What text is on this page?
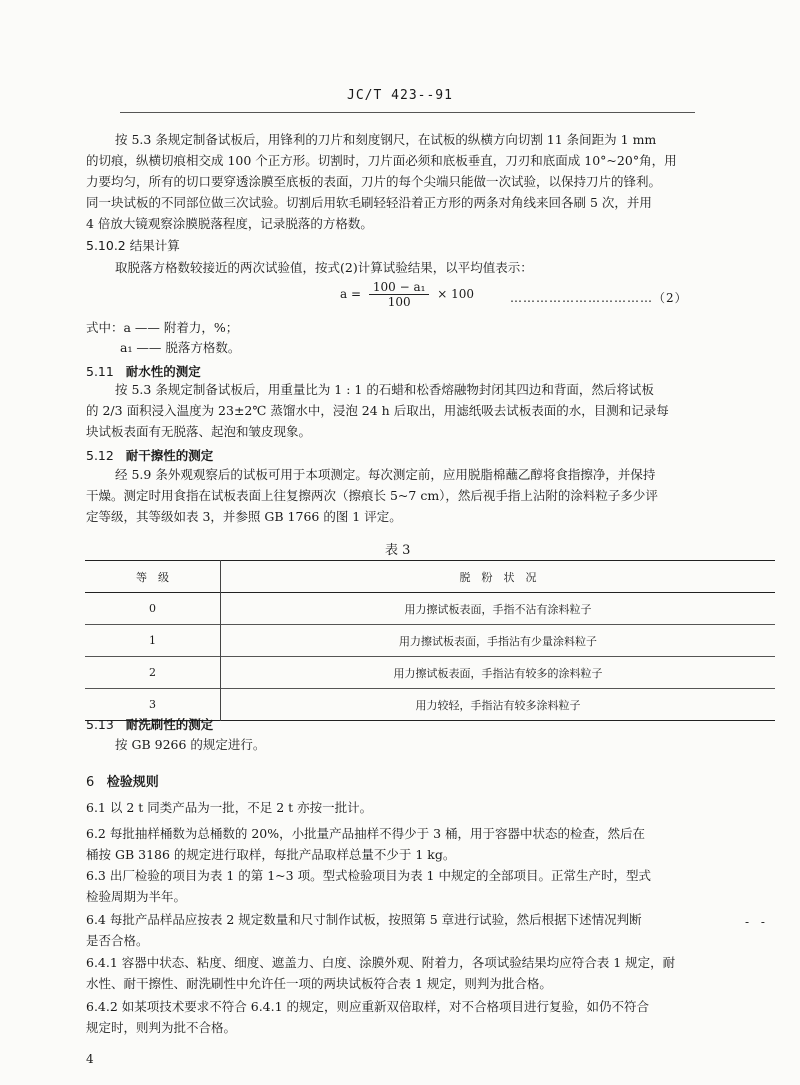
JC/T 423--91
按 5.3 条规定制备试板后，用锋利的刀片和刻度钢尺，在试板的纵横方向切割 11 条间距为 1 mm
的切痕，纵横切痕相交成 100 个正方形。切割时，刀片面必须和底板垂直，刀刃和底面成 10°~20°角，用
力要均匀，所有的切口要穿透涂膜至底板的表面，刀片的每个尖端只能做一次试验，以保持刀片的锋利。
同一块试板的不同部位做三次试验。切割后用软毛刷轻轻沿着正方形的两条对角线来回各刷 5 次，并用
4 倍放大镜观察涂膜脱落程度，记录脱落的方格数。
5.10.2 结果计算
取脱落方格数较接近的两次试验值，按式(2)计算试验结果，以平均值表示：
$a = \frac{\text{100 − a₁}}{100} \times 100$	……………………………（2）
式中：a —— 附着力，%；
a₁ —— 脱落方格数。
5.11 耐水性的测定
按 5.3 条规定制备试板后，用重量比为 1 : 1 的石蜡和松香熔融物封闭其四边和背面，然后将试板
的 2/3 面积浸入温度为 23±2℃ 蒸馏水中，浸泡 24 h 后取出，用滤纸吸去试板表面的水，目测和记录每
块试板表面有无脱落、起泡和皱皮现象。
5.12 耐干擦性的测定
经 5.9 条外观观察后的试板可用于本项测定。每次测定前，应用脱脂棉蘸乙醇将食指擦净，并保持
干燥。测定时用食指在试板表面上往复擦两次（擦痕长 5~7 cm），然后视手指上沾附的涂料粒子多少评
定等级，其等级如表 3，并参照 GB 1766 的图 1 评定。
表 3
等　级	脱　粉　状　况
0	用力擦试板表面，手指不沾有涂料粒子
1	用力擦试板表面，手指沾有少量涂料粒子
2	用力擦试板表面，手指沾有较多的涂料粒子
3	用力较轻，手指沾有较多涂料粒子
5.13 耐洗刷性的测定
按 GB 9266 的规定进行。
6 检验规则
6.1 以 2 t 同类产品为一批，不足 2 t 亦按一批计。
6.2 每批抽样桶数为总桶数的 20%，小批量产品抽样不得少于 3 桶，用于容器中状态的检查，然后在
桶按 GB 3186 的规定进行取样，每批产品取样总量不少于 1 kg。
6.3 出厂检验的项目为表 1 的第 1~3 项。型式检验项目为表 1 中规定的全部项目。正常生产时，型式
检验周期为半年。
6.4 每批产品样品应按表 2 规定数量和尺寸制作试板，按照第 5 章进行试验，然后根据下述情况判断
是否合格。
- -
6.4.1 容器中状态、粘度、细度、遮盖力、白度、涂膜外观、附着力，各项试验结果均应符合表 1 规定，耐
水性、耐干擦性、耐洗刷性中允许任一项的两块试板符合表 1 规定，则判为批合格。
6.4.2 如某项技术要求不符合 6.4.1 的规定，则应重新双倍取样，对不合格项目进行复验，如仍不符合
规定时，则判为批不合格。
4
